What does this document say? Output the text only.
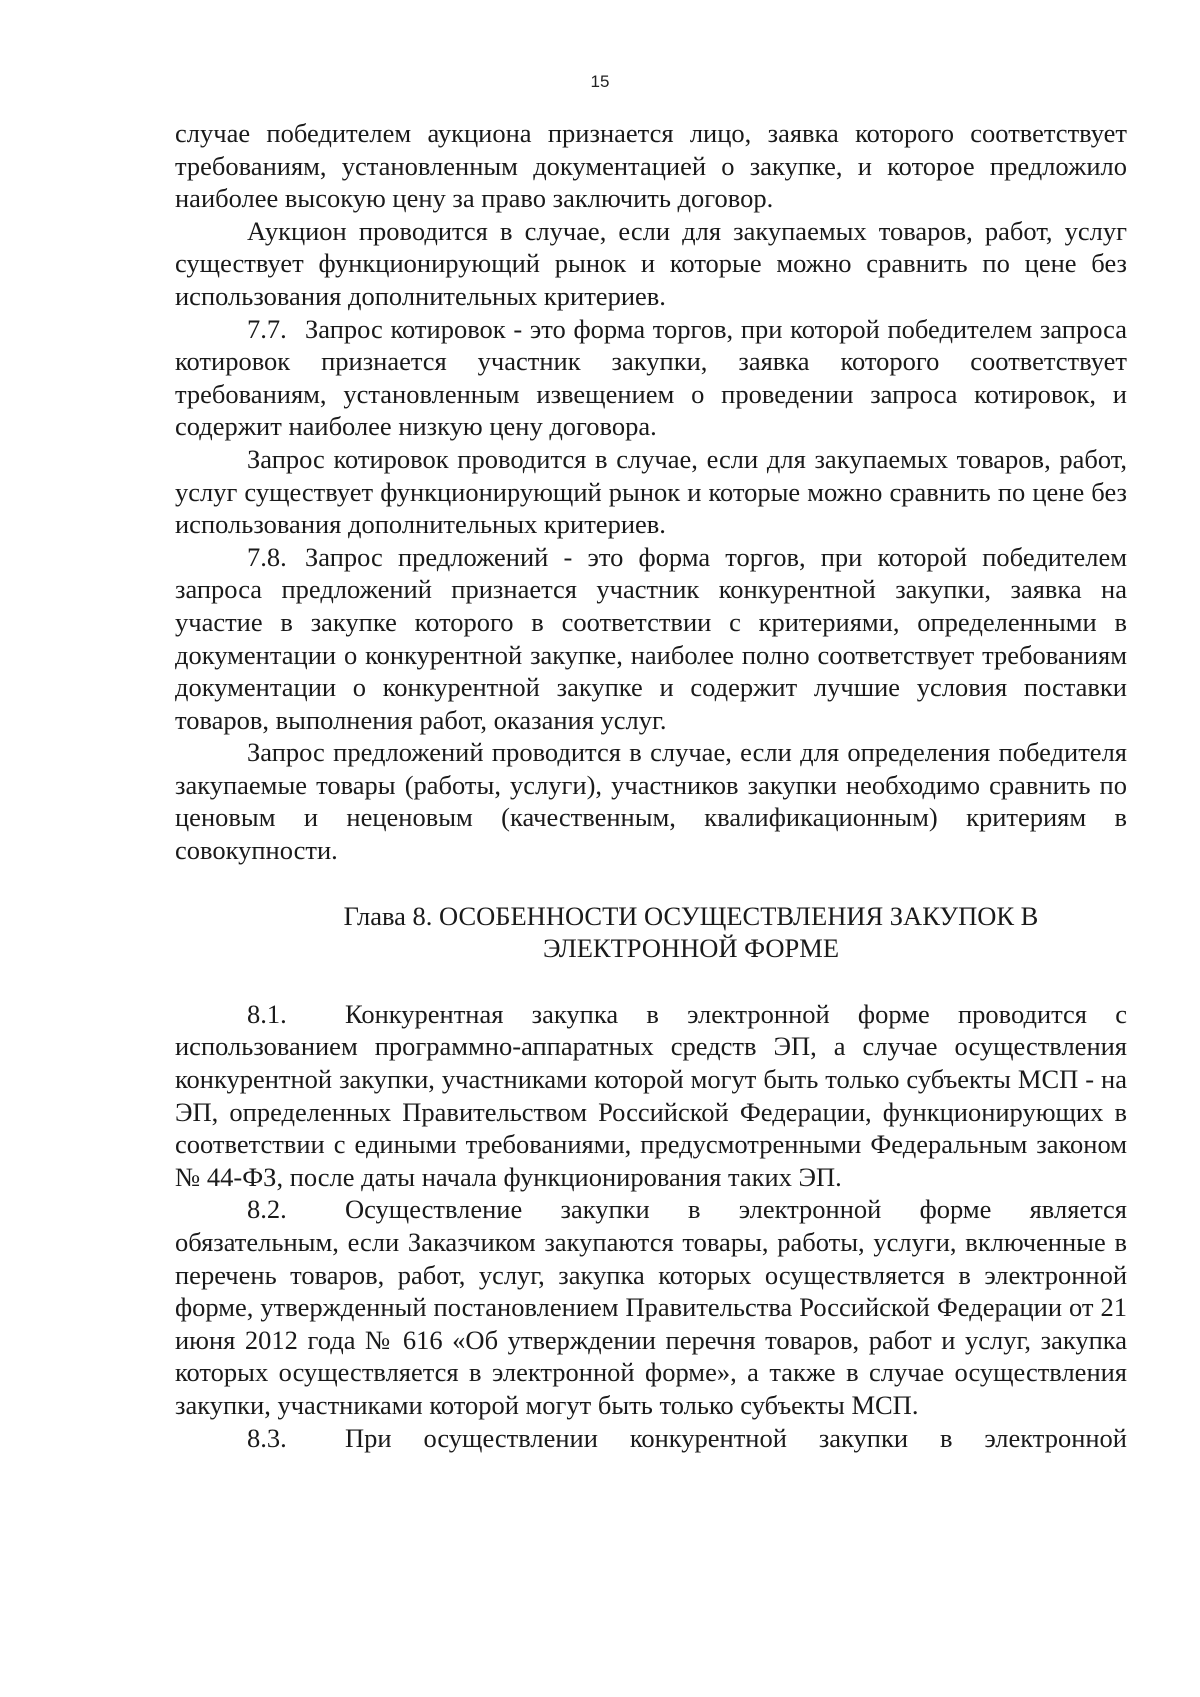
15

случае победителем аукциона признается лицо, заявка которого соответствует требованиям, установленным документацией о закупке, и которое предложило наиболее высокую цену за право заключить договор.

Аукцион проводится в случае, если для закупаемых товаров, работ, услуг существует функционирующий рынок и которые можно сравнить по цене без использования дополнительных критериев.

7.7. Запрос котировок - это форма торгов, при которой победителем запроса котировок признается участник закупки, заявка которого соответствует требованиям, установленным извещением о проведении запроса котировок, и содержит наиболее низкую цену договора.

Запрос котировок проводится в случае, если для закупаемых товаров, работ, услуг существует функционирующий рынок и которые можно сравнить по цене без использования дополнительных критериев.

7.8. Запрос предложений - это форма торгов, при которой победителем запроса предложений признается участник конкурентной закупки, заявка на участие в закупке которого в соответствии с критериями, определенными в документации о конкурентной закупке, наиболее полно соответствует требованиям документации о конкурентной закупке и содержит лучшие условия поставки товаров, выполнения работ, оказания услуг.

Запрос предложений проводится в случае, если для определения победителя закупаемые товары (работы, услуги), участников закупки необходимо сравнить по ценовым и неценовым (качественным, квалификационным) критериям в совокупности.

Глава 8. ОСОБЕННОСТИ ОСУЩЕСТВЛЕНИЯ ЗАКУПОК В
ЭЛЕКТРОННОЙ ФОРМЕ

8.1. Конкурентная закупка в электронной форме проводится с использованием программно-аппаратных средств ЭП, а случае осуществления конкурентной закупки, участниками которой могут быть только субъекты МСП - на ЭП, определенных Правительством Российской Федерации, функционирующих в соответствии с едиными требованиями, предусмотренными Федеральным законом № 44-ФЗ, после даты начала функционирования таких ЭП.

8.2. Осуществление закупки в электронной форме является обязательным, если Заказчиком закупаются товары, работы, услуги, включенные в перечень товаров, работ, услуг, закупка которых осуществляется в электронной форме, утвержденный постановлением Правительства Российской Федерации от 21 июня 2012 года № 616 «Об утверждении перечня товаров, работ и услуг, закупка которых осуществляется в электронной форме», а также в случае осуществления закупки, участниками которой могут быть только субъекты МСП.

8.3. При осуществлении конкурентной закупки в электронной
